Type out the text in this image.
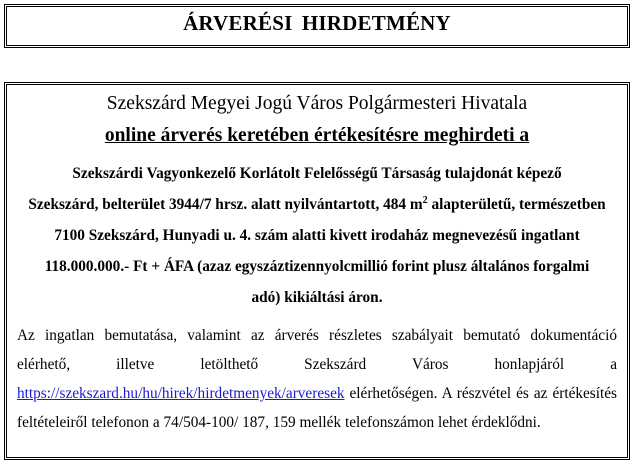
ÁRVERÉSI HIRDETMÉNY
Szekszárd Megyei Jogú Város Polgármesteri Hivatala
online árverés keretében értékesítésre meghirdeti a

Szekszárdi Vagyonkezelő Korlátolt Felelősségű Társaság tulajdonát képező

Szekszárd, belterület 3944/7 hrsz. alatt nyilvántartott, 484 $m^2$ alapterületű, természetben

7100 Szekszárd, Hunyadi u. 4. szám alatti kivett irodaház megnevezésű ingatlant

118.000.000.- Ft + ÁFA (azaz egyszáztizennyolcmillió forint plusz általános forgalmi

adó) kikiáltási áron.

Az ingatlan bemutatása, valamint az árverés részletes szabályait bemutató dokumentáció

elérhető, illetve letölthető Szekszárd Város honlapjáról a

https://szekszard.hu/hu/hirek/hirdetmenyek/arveresek elérhetőségen. A részvétel és az értékesítés feltételeiről telefonon a 74/504-100/ 187, 159 mellék telefonszámon lehet érdeklődni.
